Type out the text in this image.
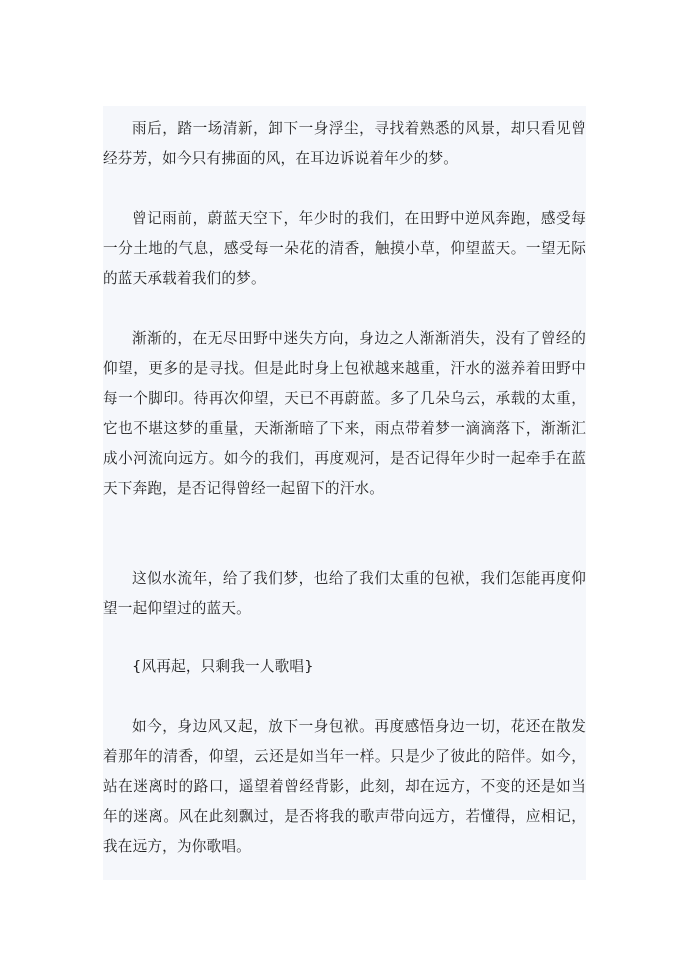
雨后，踏一场清新，卸下一身浮尘，寻找着熟悉的风景，却只看见曾经芬芳，如今只有拂面的风，在耳边诉说着年少的梦。

曾记雨前，蔚蓝天空下，年少时的我们，在田野中逆风奔跑，感受每一分土地的气息，感受每一朵花的清香，触摸小草，仰望蓝天。一望无际的蓝天承载着我们的梦。

渐渐的，在无尽田野中迷失方向，身边之人渐渐消失，没有了曾经的仰望，更多的是寻找。但是此时身上包袱越来越重，汗水的滋养着田野中每一个脚印。待再次仰望，天已不再蔚蓝。多了几朵乌云，承载的太重，它也不堪这梦的重量，天渐渐暗了下来，雨点带着梦一滴滴落下，渐渐汇成小河流向远方。如今的我们，再度观河，是否记得年少时一起牵手在蓝天下奔跑，是否记得曾经一起留下的汗水。

这似水流年，给了我们梦，也给了我们太重的包袱，我们怎能再度仰望一起仰望过的蓝天。

{风再起，只剩我一人歌唱}

如今，身边风又起，放下一身包袱。再度感悟身边一切，花还在散发着那年的清香，仰望，云还是如当年一样。只是少了彼此的陪伴。如今，站在迷离时的路口，遥望着曾经背影，此刻，却在远方，不变的还是如当年的迷离。风在此刻飘过，是否将我的歌声带向远方，若懂得，应相记，我在远方，为你歌唱。
